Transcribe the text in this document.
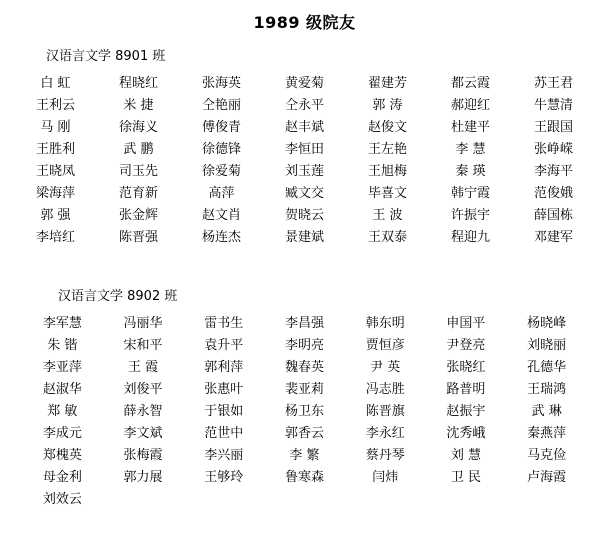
1989 级院友
汉语言文学 8901 班
白 虹	程晓红	张海英	黄爱菊	翟建芳	都云霞	苏王君
王利云	米 捷	仝艳丽	仝永平	郭 涛	郝迎红	牛慧清
马 刚	徐海义	傅俊青	赵丰斌	赵俊文	杜建平	王跟国
王胜利	武 鹏	徐德锋	李恒田	王左艳	李 慧	张峥嵘
王晓凤	司玉先	徐爱菊	刘玉莲	王旭梅	秦 瑛	李海平
梁海萍	范育新	高萍	臧文交	毕喜文	韩宁霞	范俊娥
郭 强	张金辉	赵文肖	贺晓云	王 波	许振宇	薛国栋
李培红	陈晋强	杨连杰	景建斌	王双泰	程迎九	邓建军
汉语言文学 8902 班
李军慧	冯丽华	雷书生	李昌强	韩东明	申国平	杨晓峰
朱 锴	宋和平	袁升平	李明亮	贾恒彦	尹登亮	刘晓丽
李亚萍	王 霞	郭利萍	魏春英	尹 英	张晓红	孔德华
赵淑华	刘俊平	张惠叶	裴亚莉	冯志胜	路普明	王瑞鸿
郑 敏	薛永智	于银如	杨卫东	陈晋旗	赵振宇	武 琳
李成元	李文斌	范世中	郭香云	李永红	沈秀峨	秦燕萍
郑槐英	张梅霞	李兴丽	李 繁	蔡丹琴	刘 慧	马克俭
母金利	郭力展	王够玲	鲁寒森	闫炜	卫 民	卢海霞
刘效云
